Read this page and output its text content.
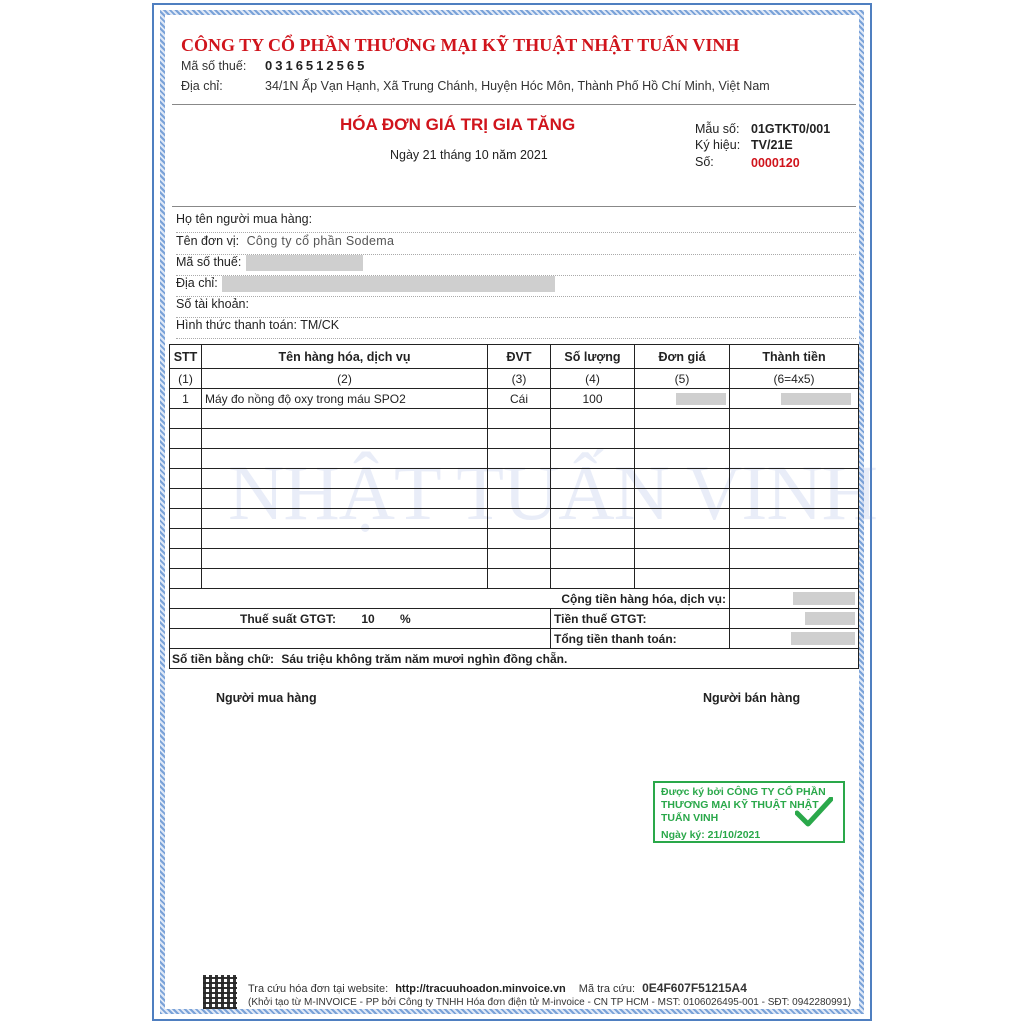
CÔNG TY CỔ PHẦN THƯƠNG MẠI KỸ THUẬT NHẬT TUẤN VINH
Mã số thuế: 0316512565
Địa chỉ:	34/1N Ấp Vạn Hạnh, Xã Trung Chánh, Huyện Hóc Môn, Thành Phố Hồ Chí Minh, Việt Nam
HÓA ĐƠN GIÁ TRỊ GIA TĂNG
Ngày 21 tháng 10 năm 2021
Mẫu số: 01GTKT0/001
Ký hiệu: TV/21E
Số:	0000120
Họ tên người mua hàng:
Tên đơn vị: Công ty cổ phần Sodema
Mã số thuế:
Địa chỉ:
Số tài khoản:
Hình thức thanh toán: TM/CK
STT	Tên hàng hóa, dịch vụ	ĐVT	Số lượng	Đơn giá	Thành tiền
(1)	(2)	(3)	(4)	(5)	(6=4x5)
1	Máy đo nồng độ oxy trong máu SPO2	Cái	100	

Cộng tiền hàng hóa, dịch vụ:					

Thuế suất GTGT: 10 %			Tiền thuế GTGT:		

			Tổng tiền thanh toán:		

Số tiền bằng chữ: Sáu triệu không trăm năm mươi nghìn đồng chẵn.					
Người mua hàng	Người bán hàng
Được ký bởi CÔNG TY CỔ PHẦN
THƯƠNG MẠI KỸ THUẬT NHẬT
TUẤN VINH
Ngày ký: 21/10/2021
Tra cứu hóa đơn tại website: http://tracuuhoadon.minvoice.vn Mã tra cứu: 0E4F607F51215A4
(Khởi tạo từ M-INVOICE - PP bởi Công ty TNHH Hóa đơn điện tử M-invoice - CN TP HCM - MST: 0106026495-001 - SĐT: 0942280991)
